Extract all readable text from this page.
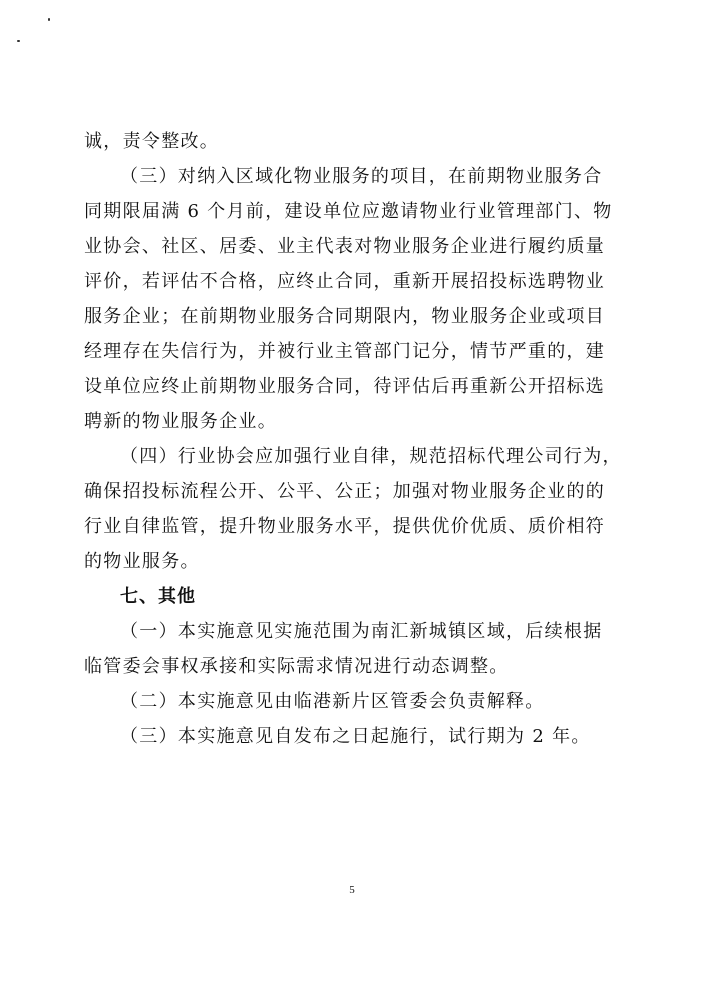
诚，责令整改。
（三）对纳入区域化物业服务的项目，在前期物业服务合
同期限届满 6 个月前，建设单位应邀请物业行业管理部门、物
业协会、社区、居委、业主代表对物业服务企业进行履约质量
评价，若评估不合格，应终止合同，重新开展招投标选聘物业
服务企业；在前期物业服务合同期限内，物业服务企业或项目
经理存在失信行为，并被行业主管部门记分，情节严重的，建
设单位应终止前期物业服务合同，待评估后再重新公开招标选
聘新的物业服务企业。
（四）行业协会应加强行业自律，规范招标代理公司行为，
确保招投标流程公开、公平、公正；加强对物业服务企业的的
行业自律监管，提升物业服务水平，提供优价优质、质价相符
的物业服务。
七、其他
（一）本实施意见实施范围为南汇新城镇区域，后续根据
临管委会事权承接和实际需求情况进行动态调整。
（二）本实施意见由临港新片区管委会负责解释。
（三）本实施意见自发布之日起施行，试行期为 2 年。
5
